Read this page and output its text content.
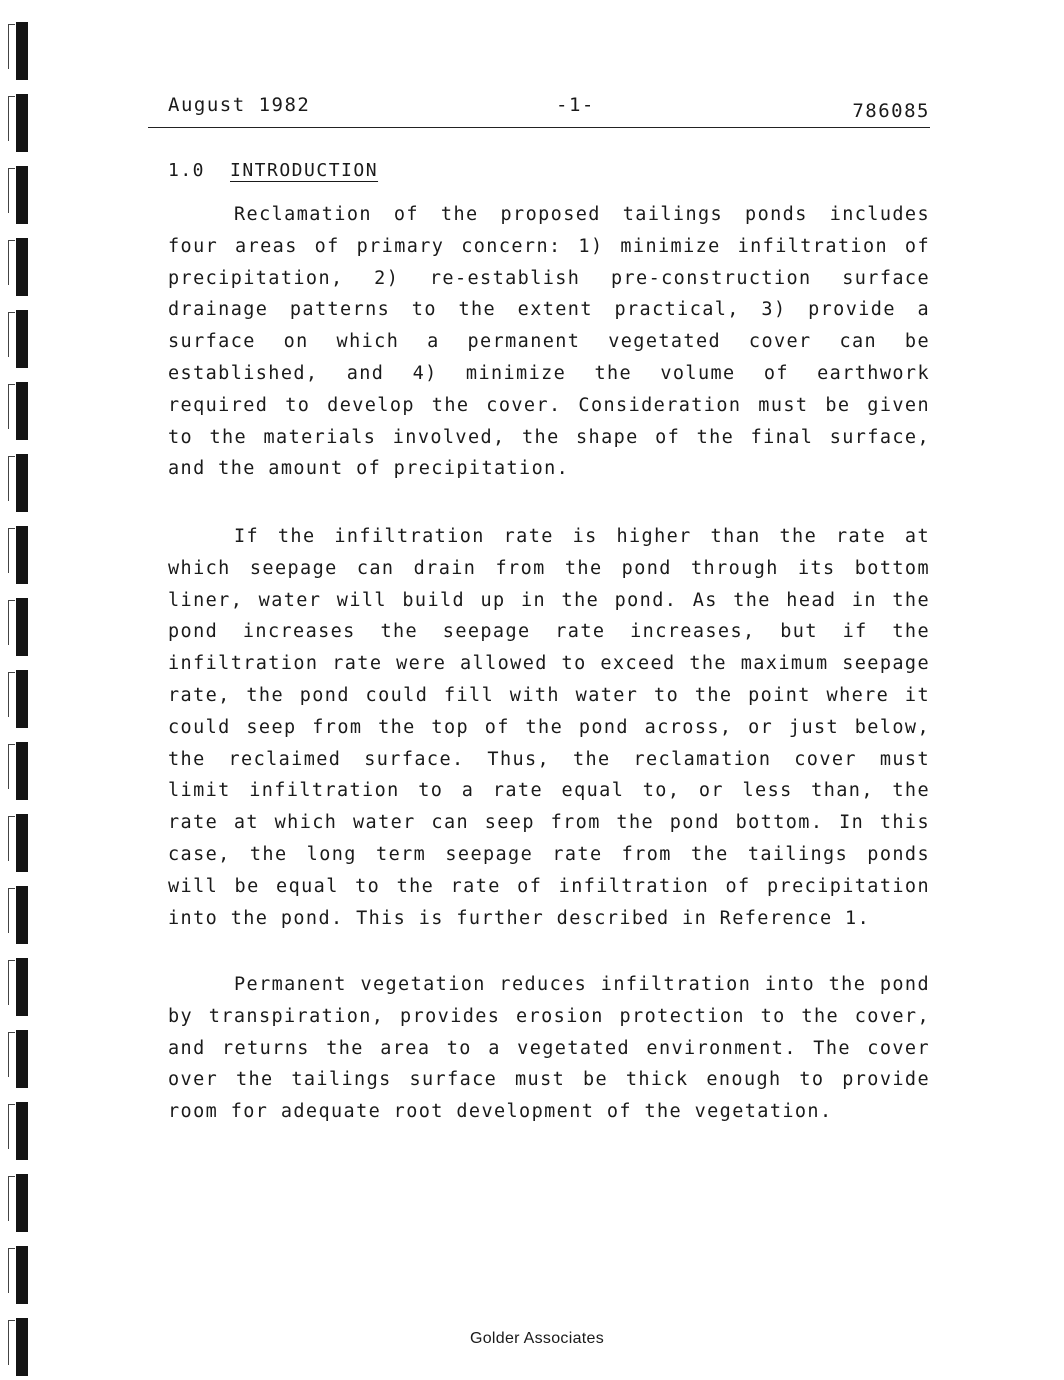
August 1982	-1-	786085
1.0 INTRODUCTION

Reclamation of the proposed tailings ponds includes four areas of primary concern: 1) minimize infiltration of precipitation, 2) re-establish pre-construction surface drainage patterns to the extent practical, 3) provide a surface on which a permanent vegetated cover can be established, and 4) minimize the volume of earthwork required to develop the cover. Consideration must be given to the materials involved, the shape of the final surface, and the amount of precipitation.

If the infiltration rate is higher than the rate at which seepage can drain from the pond through its bottom liner, water will build up in the pond. As the head in the pond increases the seepage rate increases, but if the infiltration rate were allowed to exceed the maximum seepage rate, the pond could fill with water to the point where it could seep from the top of the pond across, or just below, the reclaimed surface. Thus, the reclamation cover must limit infiltration to a rate equal to, or less than, the rate at which water can seep from the pond bottom. In this case, the long term seepage rate from the tailings ponds will be equal to the rate of infiltration of precipitation into the pond. This is further described in Reference 1.

Permanent vegetation reduces infiltration into the pond by transpiration, provides erosion protection to the cover, and returns the area to a vegetated environment. The cover over the tailings surface must be thick enough to provide room for adequate root development of the vegetation.

Golder Associates
